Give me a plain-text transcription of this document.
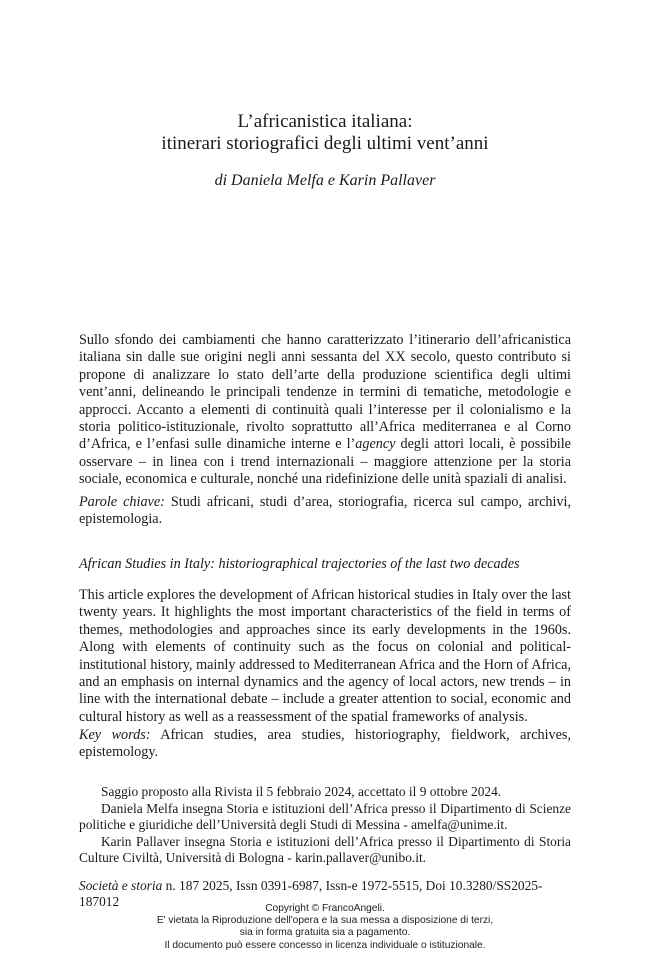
L’africanistica italiana:
itinerari storiografici degli ultimi vent’anni
di Daniela Melfa e Karin Pallaver

Sullo sfondo dei cambiamenti che hanno caratterizzato l’itinerario dell’africanistica italiana sin dalle sue origini negli anni sessanta del XX secolo, questo contributo si propone di analizzare lo stato dell’arte della produzione scientifica degli ultimi vent’anni, delineando le principali tendenze in termini di tematiche, metodologie e approcci. Accanto a elementi di continuità quali l’interesse per il colonialismo e la storia politico-istituzionale, rivolto soprattutto all’Africa mediterranea e al Corno d’Africa, e l’enfasi sulle dinamiche interne e l’agency degli attori locali, è possibile osservare – in linea con i trend internazionali – maggiore attenzione per la storia sociale, economica e culturale, nonché una ridefinizione delle unità spaziali di analisi.

Parole chiave: Studi africani, studi d’area, storiografia, ricerca sul campo, archivi, epistemologia.

African Studies in Italy: historiographical trajectories of the last two decades

This article explores the development of African historical studies in Italy over the last twenty years. It highlights the most important characteristics of the field in terms of themes, methodologies and approaches since its early developments in the 1960s. Along with elements of continuity such as the focus on colonial and political-institutional history, mainly addressed to Mediterranean Africa and the Horn of Africa, and an emphasis on internal dynamics and the agency of local actors, new trends – in line with the international debate – include a greater attention to social, economic and cultural history as well as a reassessment of the spatial frameworks of analysis.

Key words: African studies, area studies, historiography, fieldwork, archives, epistemology.

Saggio proposto alla Rivista il 5 febbraio 2024, accettato il 9 ottobre 2024.

Daniela Melfa insegna Storia e istituzioni dell’Africa presso il Dipartimento di Scienze politiche e giuridiche dell’Università degli Studi di Messina - amelfa@unime.it.

Karin Pallaver insegna Storia e istituzioni dell’Africa presso il Dipartimento di Storia Culture Civiltà, Università di Bologna - karin.pallaver@unibo.it.

Società e storia n. 187 2025, Issn 0391-6987, Issn-e 1972-5515, Doi 10.3280/SS2025-187012	Copyright © FrancoAngeli.
E' vietata la Riproduzione dell'opera e la sua messa a disposizione di terzi,
sia in forma gratuita sia a pagamento.
Il documento può essere concesso in licenza individuale o istituzionale.
